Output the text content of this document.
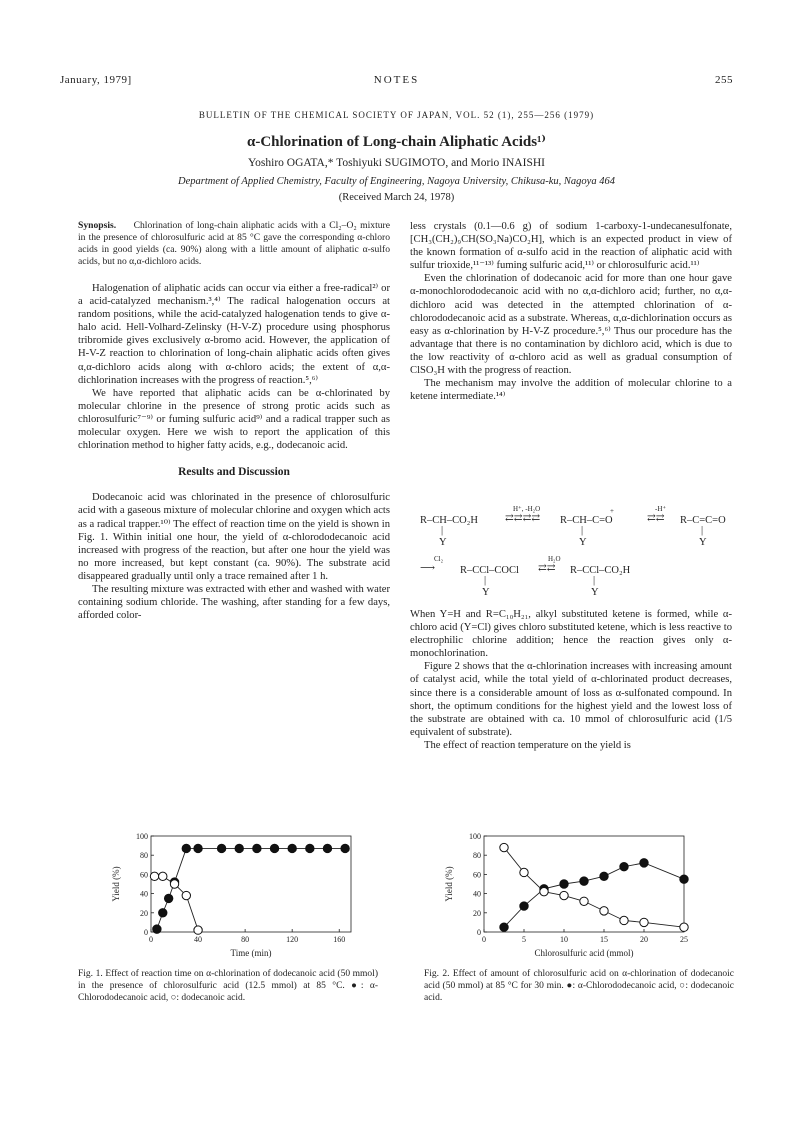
January, 1979]	NOTES	255
BULLETIN OF THE CHEMICAL SOCIETY OF JAPAN, VOL. 52 (1), 255—256 (1979)
α-Chlorination of Long-chain Aliphatic Acids¹⁾
Yoshiro OGATA,* Toshiyuki SUGIMOTO, and Morio INAISHI
Department of Applied Chemistry, Faculty of Engineering, Nagoya University, Chikusa-ku, Nagoya 464
(Received March 24, 1978)

Synopsis. Chlorination of long-chain aliphatic acids with a Cl₂–O₂ mixture in the presence of chlorosulfuric acid at 85 °C gave the corresponding α-chloro acids in good yields (ca. 90%) along with a little amount of aliphatic α-sulfo acids, but no α,α-dichloro acids.

Halogenation of aliphatic acids can occur via either a free-radical²⁾ or a acid-catalyzed mechanism.³,⁴⁾ The radical halogenation occurs at random positions, while the acid-catalyzed halogenation tends to give α-halo acid. Hell-Volhard-Zelinsky (H-V-Z) procedure using phosphorus tribromide gives exclusively α-bromo acid. However, the application of H-V-Z reaction to chlorination of long-chain aliphatic acids often gives α,α-dichloro acids along with α-chloro acids; the extent of α,α-dichlorination increases with the progress of reaction.⁵,⁶⁾

We have reported that aliphatic acids can be α-chlorinated by molecular chlorine in the presence of strong protic acids such as chlorosulfuric⁷⁻⁹⁾ or fuming sulfuric acid⁹⁾ and a radical trapper such as molecular oxygen. Here we wish to report the application of this chlorination method to higher fatty acids, e.g., dodecanoic acid.

Results and Discussion

Dodecanoic acid was chlorinated in the presence of chlorosulfuric acid with a gaseous mixture of molecular chlorine and oxygen which acts as a radical trapper.¹⁰⁾ The effect of reaction time on the yield is shown in Fig. 1. Within initial one hour, the yield of α-chlorododecanoic acid increased with progress of the reaction, but after one hour the yield was no more increased, but kept constant (ca. 90%). The substrate acid disappeared gradually until only a trace remained after 1 h.

The resulting mixture was extracted with ether and washed with water containing sodium chloride. The washing, after standing for a few days, afforded color-

less crystals (0.1—0.6 g) of sodium 1-carboxy-1-undecanesulfonate, [CH₃(CH₂)₉CH(SO₃Na)CO₂H], which is an expected product in view of the known formation of α-sulfo acid in the reaction of aliphatic acid with sulfur trioxide,¹¹⁻¹³⁾ fuming sulfuric acid,¹¹⁾ or chlorosulfuric acid.¹¹⁾

Even the chlorination of dodecanoic acid for more than one hour gave α-monochlorododecanoic acid with no α,α-dichloro acid; further, no α,α-dichloro acid was detected in the attempted chlorination of α-chlorododecanoic acid as a substrate. Whereas, α,α-dichlorination occurs as easy as α-chlorination by H-V-Z procedure.⁵,⁶⁾ Thus our procedure has the advantage that there is no contamination by dichloro acid, which is due to the low reactivity of α-chloro acid as well as gradual consumption of ClSO₃H with the progress of reaction.

The mechanism may involve the addition of molecular chlorine to a ketene intermediate.¹⁴⁾

R–CH–CO₂H
H⁺, -H₂O
⇄⇄⇄⇄ R–CH–C=O
+	-H⁺
⇄⇄ R–C=C=O
|
Y
|
Y
|
Y
Cl₂
⟶ R–CCl–COCl
H₂O
⇄⇄ R–CCl–CO₂H
|
Y
|
Y

When Y=H and R=C₁₀H₂₁, alkyl substituted ketene is formed, while α-chloro acid (Y=Cl) gives chloro substituted ketene, which is less reactive to electrophilic chlorine addition; hence the reaction gives only α-monochlorination.

Figure 2 shows that the α-chlorination increases with increasing amount of catalyst acid, while the total yield of α-chlorinated product decreases, since there is a considerable amount of loss as α-sulfonated compound. In short, the optimum conditions for the highest yield and the lowest loss of the substrate are obtained with ca. 10 mmol of chlorosulfuric acid (1/5 equivalent of substrate).

The effect of reaction temperature on the yield is

0	40	80	120	160
0
20
40
60
80
100
Time (min)
Yield (%)
Fig. 1. Effect of reaction time on α-chlorination of dodecanoic acid (50 mmol) in the presence of chlorosulfuric acid (12.5 mmol) at 85 °C. ●: α-Chlorododecanoic acid, ○: dodecanoic acid.
0	5	10	15	20	25
0
20
40
60
80
100
Chlorosulfuric acid (mmol)
Yield (%)
Fig. 2. Effect of amount of chlorosulfuric acid on α-chlorination of dodecanoic acid (50 mmol) at 85 °C for 30 min. ●: α-Chlorododecanoic acid, ○: dodecanoic acid.
